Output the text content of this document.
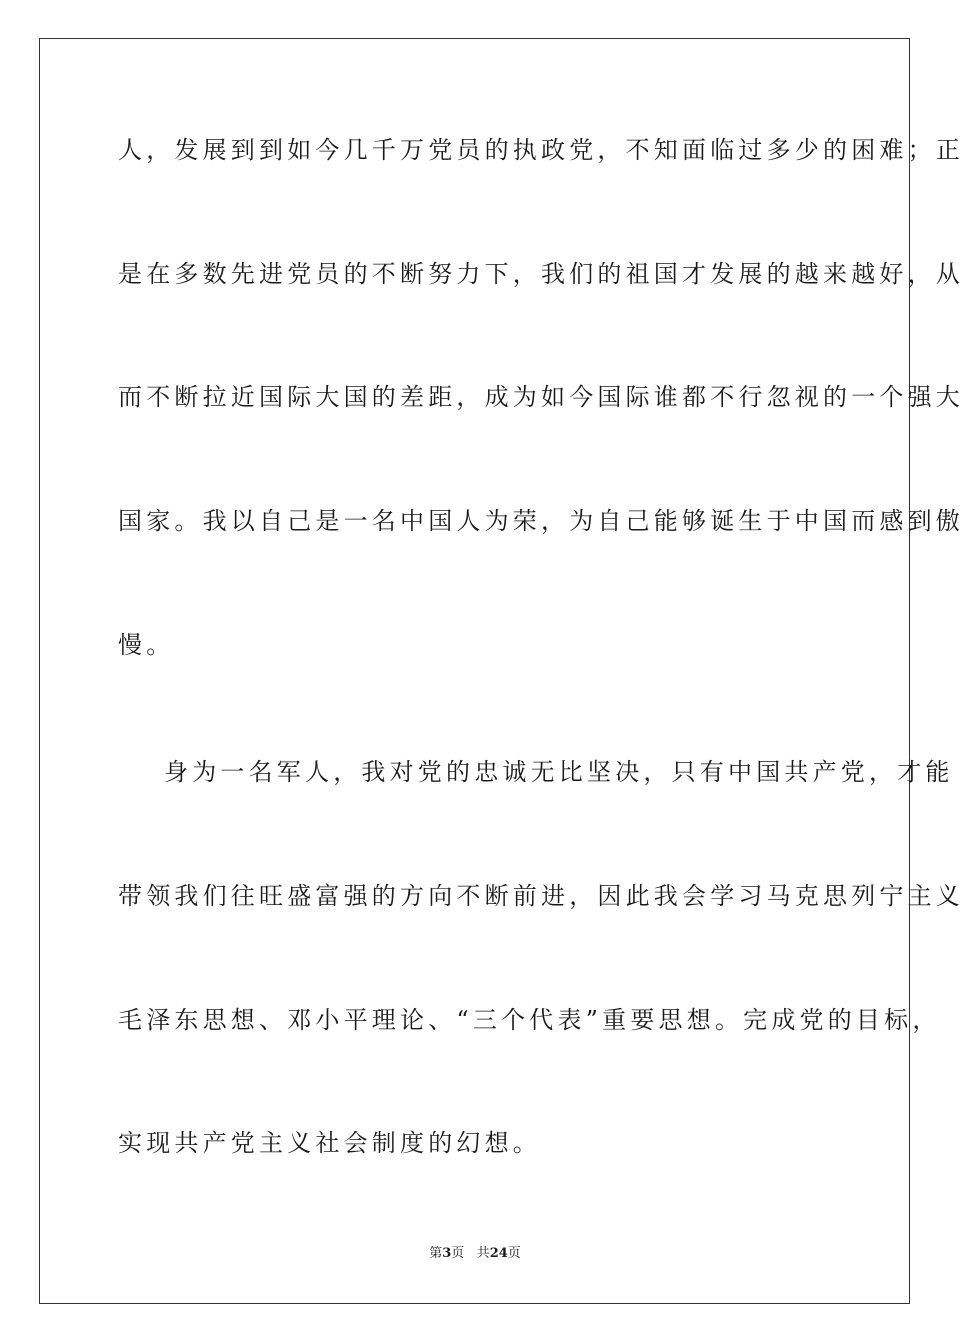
人，发展到到如今几千万党员的执政党，不知面临过多少的困难；正
是在多数先进党员的不断努力下，我们的祖国才发展的越来越好，从
而不断拉近国际大国的差距，成为如今国际谁都不行忽视的一个强大
国家。我以自己是一名中国人为荣，为自己能够诞生于中国而感到傲
慢。
身为一名军人，我对党的忠诚无比坚决，只有中国共产党，才能
带领我们往旺盛富强的方向不断前进，因此我会学习马克思列宁主义
毛泽东思想、邓小平理论、“三个代表”重要思想。完成党的目标，
实现共产党主义社会制度的幻想。
第3页 共24页
